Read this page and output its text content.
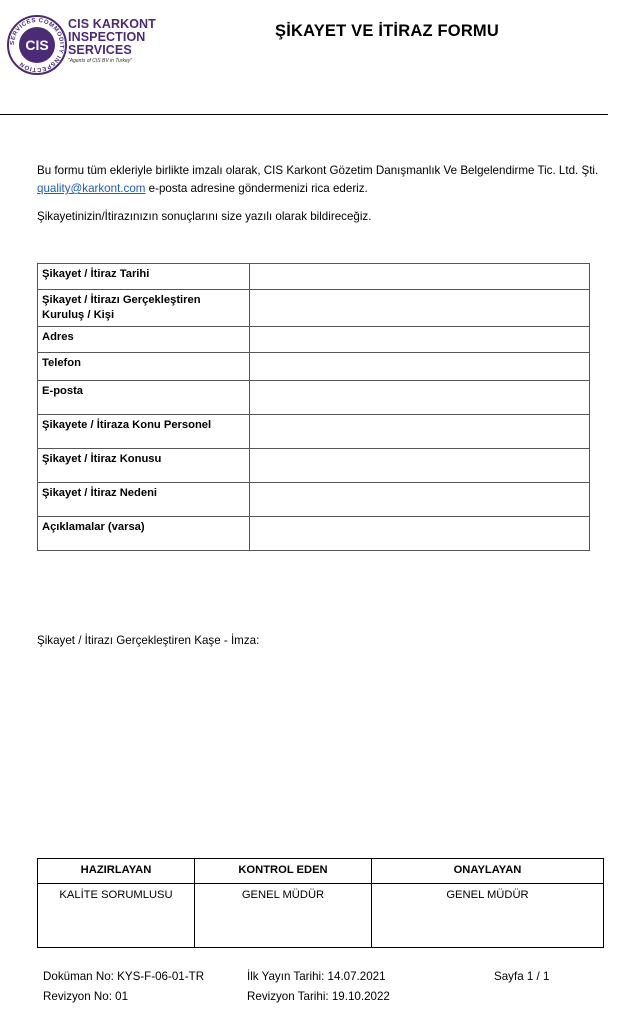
SERVICES COMMODITY INSPECTION
CIS
CIS KARKONT
INSPECTION
SERVICES
"Agents of CIS BV in Turkey"
ŞİKAYET VE İTİRAZ FORMU

Bu formu tüm ekleriyle birlikte imzalı olarak, CIS Karkont Gözetim Danışmanlık Ve Belgelendirme Tic. Ltd. Şti. quality@karkont.com e-posta adresine göndermenizi rica ederiz.

Şikayetinizin/İtirazınızın sonuçlarını size yazılı olarak bildireceğiz.

Şikayet / İtiraz Tarihi	
Şikayet / İtirazı Gerçekleştiren Kuruluş / Kişi	
Adres	
Telefon	
E-posta	
Şikayete / İtiraza Konu Personel	
Şikayet / İtiraz Konusu	
Şikayet / İtiraz Nedeni	
Açıklamalar (varsa)	
Şikayet / İtirazı Gerçekleştiren Kaşe - İmza:
HAZIRLAYAN	KONTROL EDEN	ONAYLAYAN
KALİTE SORUMLUSU	GENEL MÜDÜR	GENEL MÜDÜR
Doküman No: KYS-F-06-01-TR
Revizyon No: 01
İlk Yayın Tarihi: 14.07.2021
Revizyon Tarihi: 19.10.2022
Sayfa 1 / 1
